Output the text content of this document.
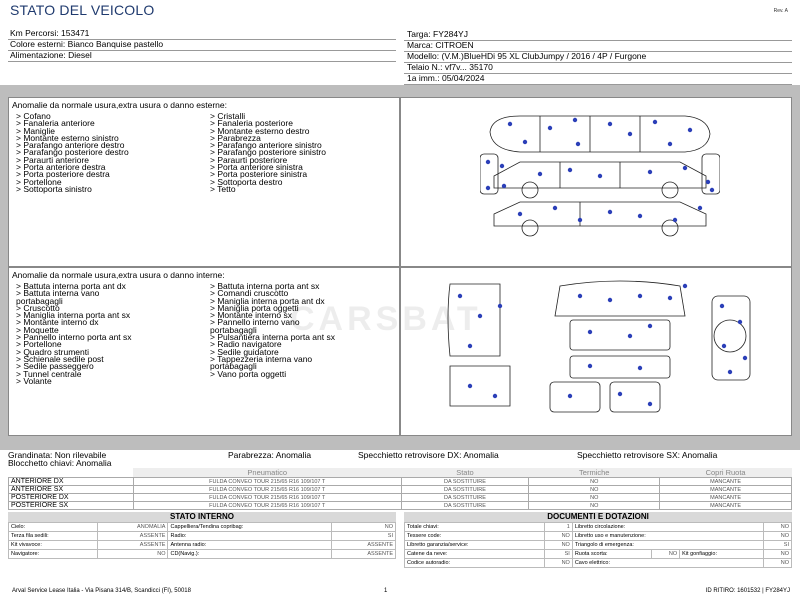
STATO DEL VEICOLO	Rev. A
Km Percorsi: 153471
Colore esterni: Bianco Banquise pastello
Alimentazione: Diesel
Targa: FY284YJ
Marca: CITROEN
Modello: (V.M.)BlueHDi 95 XL ClubJumpy / 2016 / 4P / Furgone
Telaio N.: vf7v... 35170
1a imm.: 05/04/2024
Anomalie da normale usura,extra usura o danno esterne:
> Cofano
> Fanaleria anteriore
> Maniglie
> Montante esterno sinistro
> Parafango anteriore destro
> Parafango posteriore destro
> Paraurti anteriore
> Porta anteriore destra
> Porta posteriore destra
> Portellone
> Sottoporta sinistro
> Cristalli
> Fanaleria posteriore
> Montante esterno destro
> Parabrezza
> Parafango anteriore sinistro
> Parafango posteriore sinistro
> Paraurti posteriore
> Porta anteriore sinistra
> Porta posteriore sinistra
> Sottoporta destro
> Tetto
Anomalie da normale usura,extra usura o danno interne:
> Battuta interna porta ant dx
> Battuta interna vano
portabagagli
> Cruscotto
> Maniglia interna porta ant sx
> Montante interno dx
> Moquette
> Pannello interno porta ant sx
> Portellone
> Quadro strumenti
> Schienale sedile post
> Sedile passeggero
> Tunnel centrale
> Volante
> Battuta interna porta ant sx
> Comandi cruscotto
> Maniglia interna porta ant dx
> Maniglia porta oggetti
> Montante interno sx
> Pannello interno vano
portabagagli
> Pulsantiera interna porta ant sx
> Radio navigatore
> Sedile guidatore
> Tappezzeria interna vano
portabagagli
> Vano porta oggetti
CARSBAT
Grandinata: Non rilevabile	Parabrezza: Anomalia	Specchietto retrovisore DX: Anomalia	Specchietto retrovisore SX: Anomalia
Blocchetto chiavi: Anomalia
	Pneumatico	Stato	Termiche	Copri Ruota
ANTERIORE DX	FULDA CONVEO TOUR 215/65 R16 109/107 T	DA SOSTITUIRE	NO	MANCANTE
ANTERIORE SX	FULDA CONVEO TOUR 215/65 R16 109/107 T	DA SOSTITUIRE	NO	MANCANTE
POSTERIORE DX	FULDA CONVEO TOUR 215/65 R16 109/107 T	DA SOSTITUIRE	NO	MANCANTE
POSTERIORE SX	FULDA CONVEO TOUR 215/65 R16 109/107 T	DA SOSTITUIRE	NO	MANCANTE
STATO INTERNO
Cielo:	ANOMALIA	Cappelliera/Tendina copribag:	NO
Terza fila sedili:	ASSENTE	Radio:	SI
Kit vivavoce:	ASSENTE	Antenna radio:	ASSENTE
Navigatore:	NO	CD(Navig.):	ASSENTE
DOCUMENTI E DOTAZIONI
Totale chiavi:	1	Libretto circolazione:			NO
Tessere code:	NO	Libretto uso e manutenzione:			NO
Libretto garanzia/service:	NO	Triangolo di emergenza:			SI
Catene da neve:	SI	Ruota scorta:	NO	Kit gonfiaggio:	NO
Codice autoradio:	NO	Cavo elettrico:			NO
Arval Service Lease Italia - Via Pisana 314/B, Scandicci (FI), 50018	1	ID RITIRO: 1601532 | FY284YJ
